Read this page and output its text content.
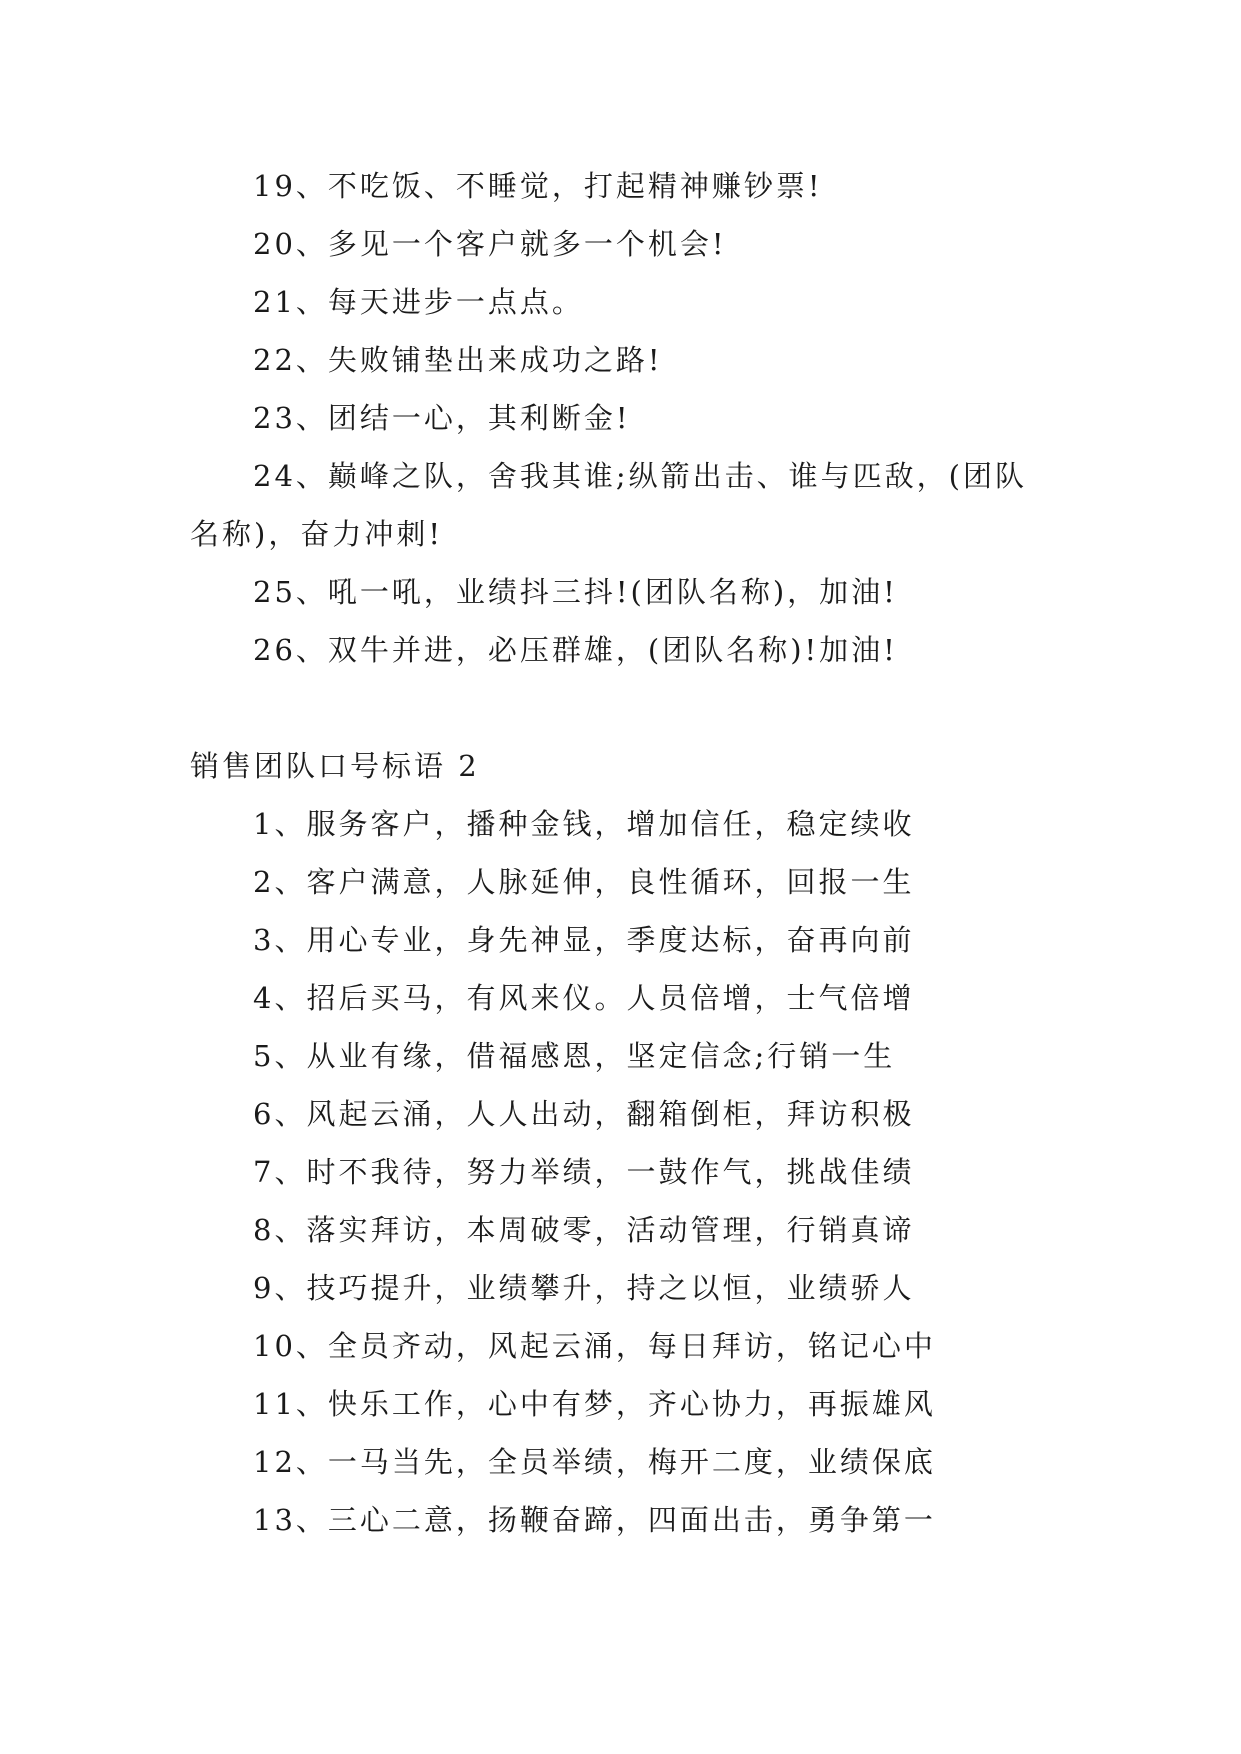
19、不吃饭、不睡觉，打起精神赚钞票!
20、多见一个客户就多一个机会!
21、每天进步一点点。
22、失败铺垫出来成功之路!
23、团结一心，其利断金!
24、巅峰之队，舍我其谁;纵箭出击、谁与匹敌，(团队
名称)，奋力冲刺!
25、吼一吼，业绩抖三抖!(团队名称)，加油!
26、双牛并进，必压群雄，(团队名称)!加油!
销售团队口号标语 2
1、服务客户，播种金钱，增加信任，稳定续收
2、客户满意，人脉延伸，良性循环，回报一生
3、用心专业，身先神显，季度达标，奋再向前
4、招后买马，有风来仪。人员倍增，士气倍增
5、从业有缘，借福感恩，坚定信念;行销一生
6、风起云涌，人人出动，翻箱倒柜，拜访积极
7、时不我待，努力举绩，一鼓作气，挑战佳绩
8、落实拜访，本周破零，活动管理，行销真谛
9、技巧提升，业绩攀升，持之以恒，业绩骄人
10、全员齐动，风起云涌，每日拜访，铭记心中
11、快乐工作，心中有梦，齐心协力，再振雄风
12、一马当先，全员举绩，梅开二度，业绩保底
13、三心二意，扬鞭奋蹄，四面出击，勇争第一
